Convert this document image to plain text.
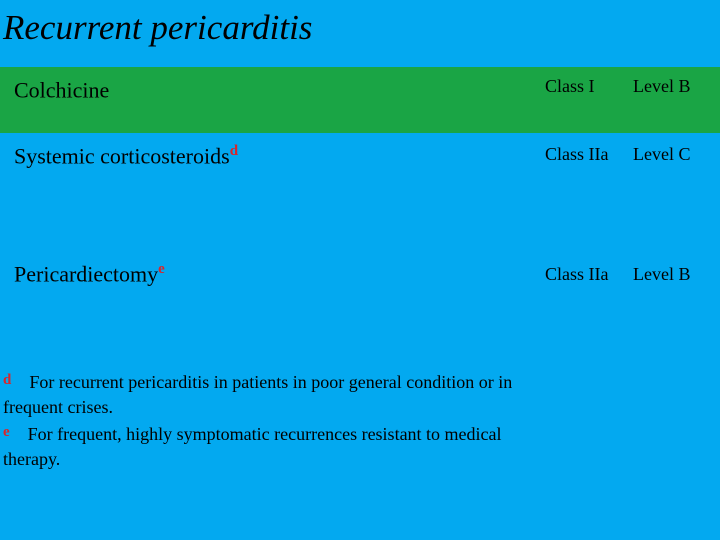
Recurrent pericarditis
Colchicine	Class I Level B
Systemic corticosteroids$^d$	Class IIa Level C
Pericardiectomy$^e$	Class IIa Level B

$^d$ For recurrent pericarditis in patients in poor general condition or in frequent crises.

$^e$ For frequent, highly symptomatic recurrences resistant to medical therapy.
